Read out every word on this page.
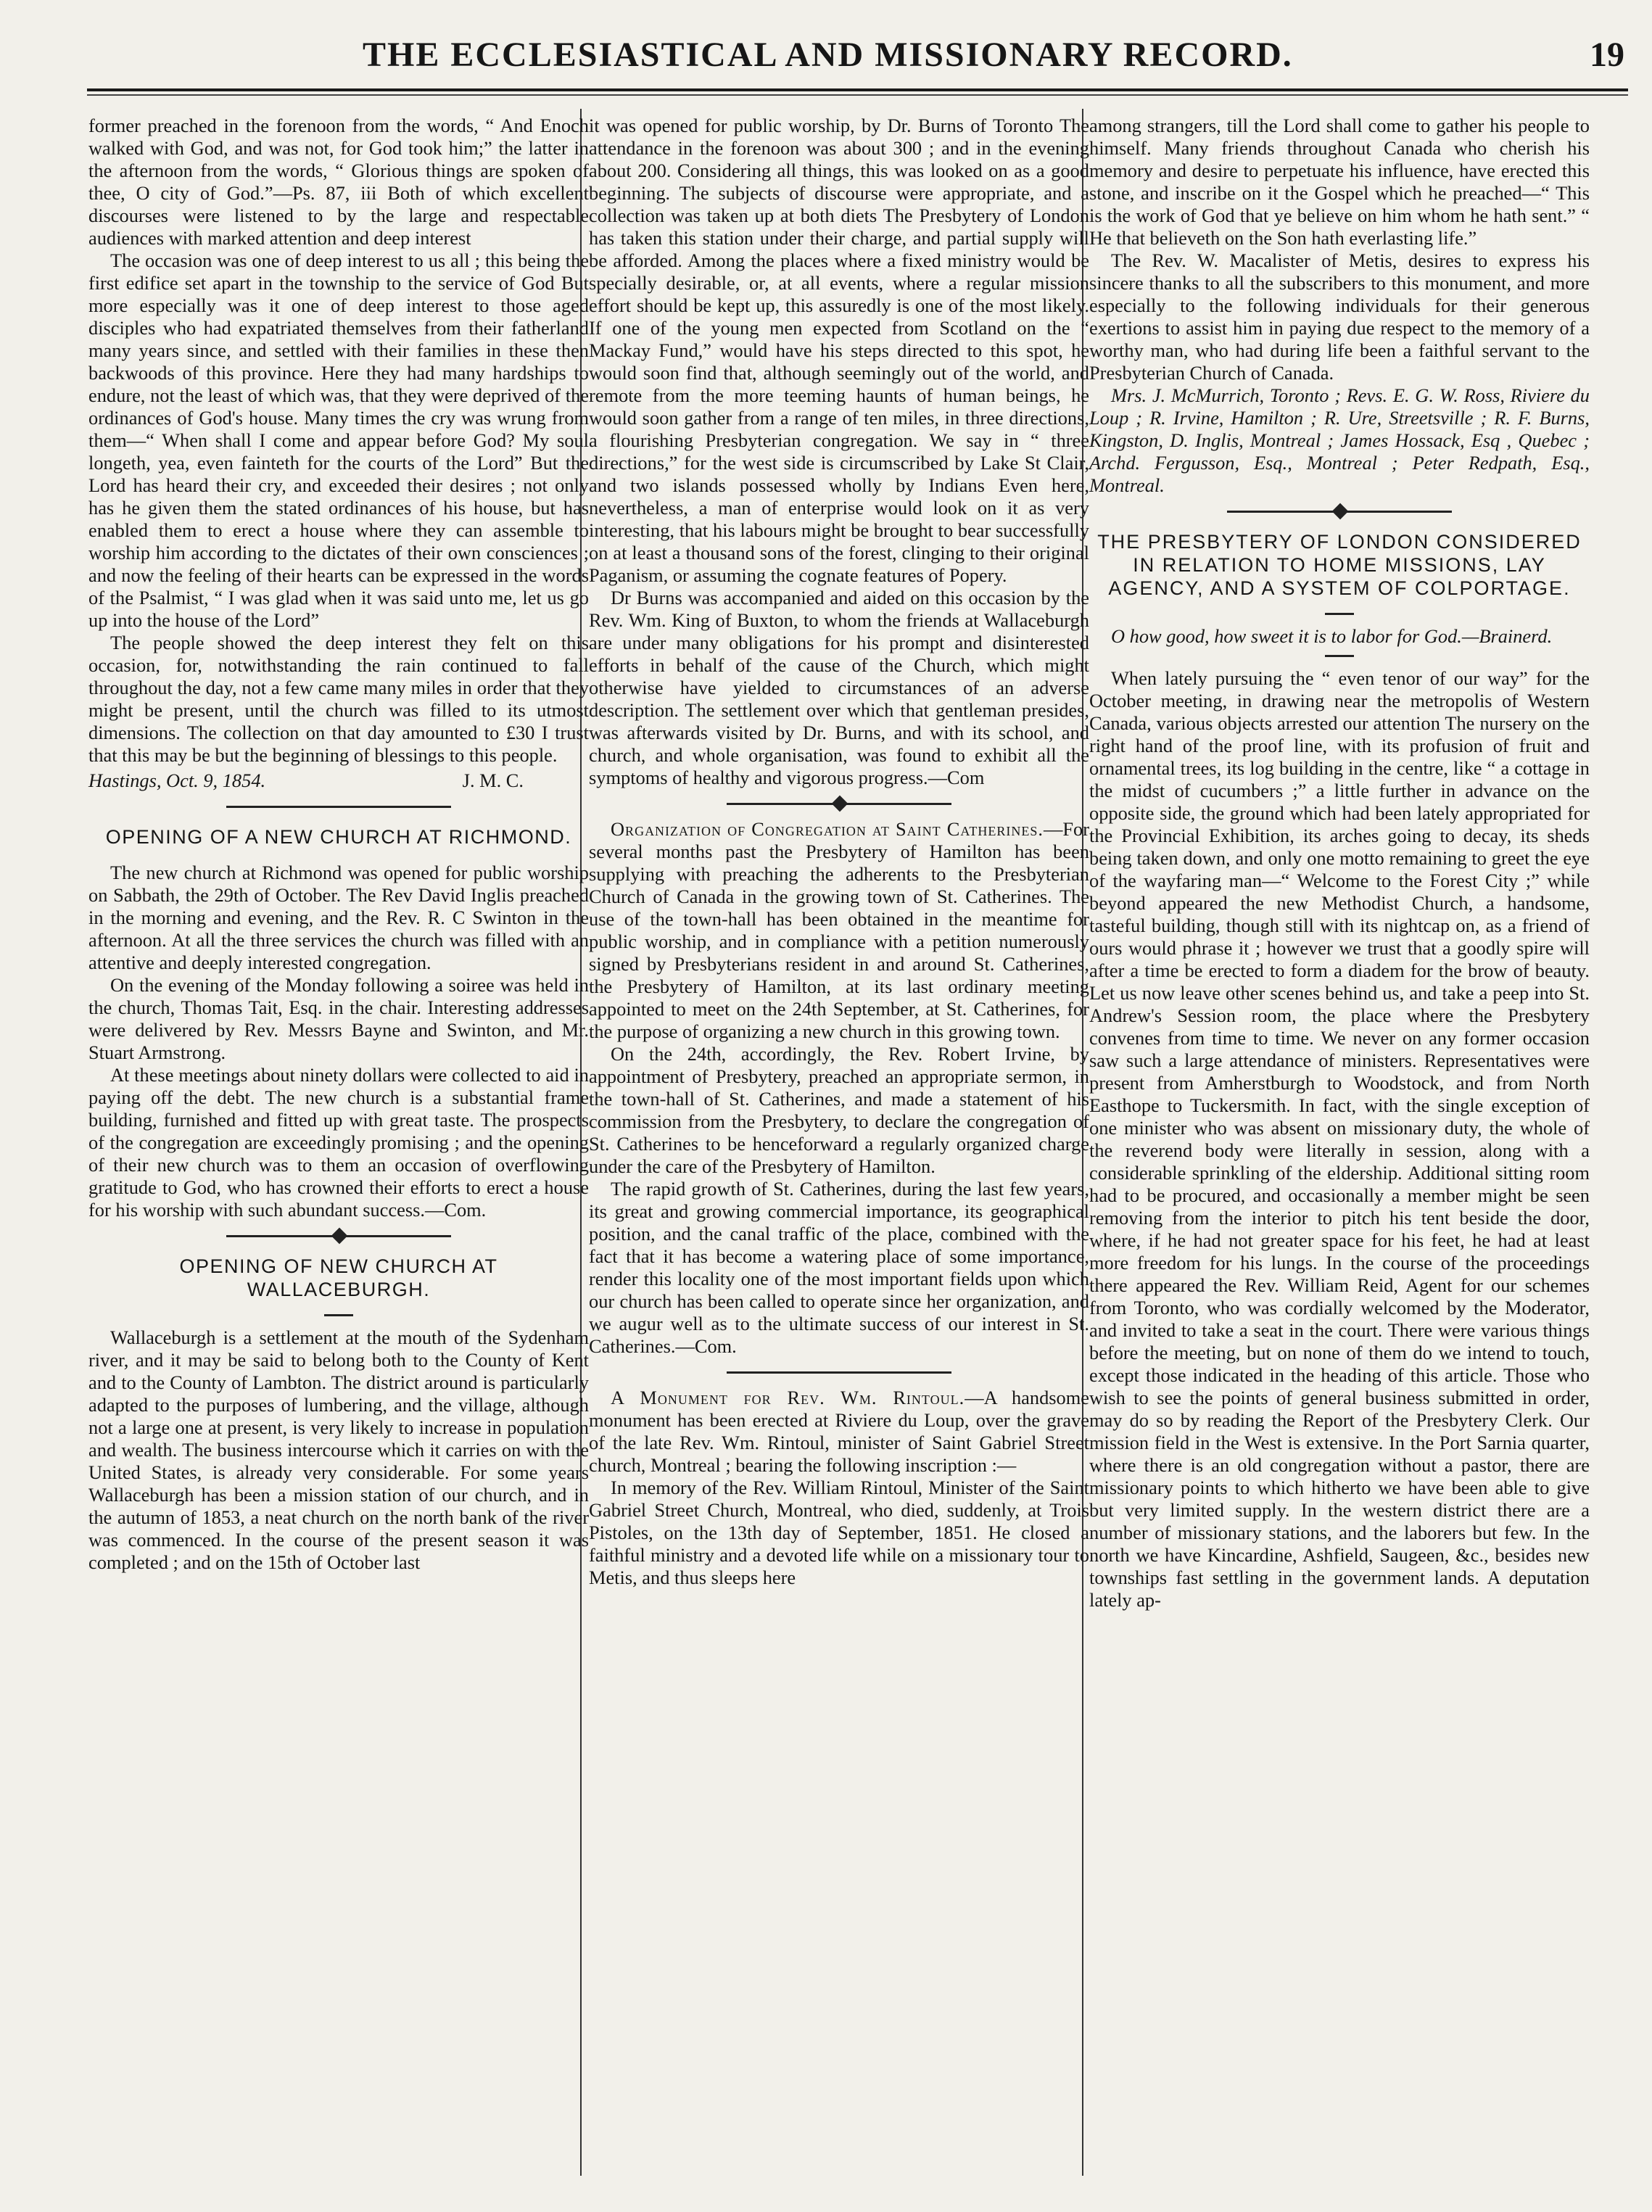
THE ECCLESIASTICAL AND MISSIONARY RECORD.	19

former preached in the forenoon from the words, “ And Enoch walked with God, and was not, for God took him;” the latter in the afternoon from the words, “ Glorious things are spoken of thee, O city of God.”—Ps. 87, iii Both of which excellent discourses were listened to by the large and respectable audiences with marked attention and deep interest

The occasion was one of deep interest to us all ; this being the first edifice set apart in the township to the service of God But more especially was it one of deep interest to those aged disciples who had expatriated themselves from their fatherland many years since, and settled with their families in these then backwoods of this province. Here they had many hardships to endure, not the least of which was, that they were deprived of the ordinances of God's house. Many times the cry was wrung from them—“ When shall I come and appear before God? My soul longeth, yea, even fainteth for the courts of the Lord” But the Lord has heard their cry, and exceeded their desires ; not only has he given them the stated ordinances of his house, but has enabled them to erect a house where they can assemble to worship him according to the dictates of their own consciences ; and now the feeling of their hearts can be expressed in the words of the Psalmist, “ I was glad when it was said unto me, let us go up into the house of the Lord”

The people showed the deep interest they felt on this occasion, for, notwithstanding the rain continued to fall throughout the day, not a few came many miles in order that they might be present, until the church was filled to its utmost dimensions. The collection on that day amounted to £30 I trust that this may be but the beginning of blessings to this people.

Hastings, Oct. 9, 1854.	J. M. C.
OPENING OF A NEW CHURCH AT RICHMOND.

The new church at Richmond was opened for public worship on Sabbath, the 29th of October. The Rev David Inglis preached in the morning and evening, and the Rev. R. C Swinton in the afternoon. At all the three services the church was filled with an attentive and deeply interested congregation.

On the evening of the Monday following a soiree was held in the church, Thomas Tait, Esq. in the chair. Interesting addresses were delivered by Rev. Messrs Bayne and Swinton, and Mr. Stuart Armstrong.

At these meetings about ninety dollars were collected to aid in paying off the debt. The new church is a substantial frame building, furnished and fitted up with great taste. The prospects of the congregation are exceedingly promising ; and the opening of their new church was to them an occasion of overflowing gratitude to God, who has crowned their efforts to erect a house for his worship with such abundant success.—Com.

OPENING OF NEW CHURCH AT WALLACEBURGH.

Wallaceburgh is a settlement at the mouth of the Sydenham river, and it may be said to belong both to the County of Kent and to the County of Lambton. The district around is particularly adapted to the purposes of lumbering, and the village, although not a large one at present, is very likely to increase in population and wealth. The business intercourse which it carries on with the United States, is already very considerable. For some years Wallaceburgh has been a mission station of our church, and in the autumn of 1853, a neat church on the north bank of the river was commenced. In the course of the present season it was completed ; and on the 15th of October last

it was opened for public worship, by Dr. Burns of Toronto The attendance in the forenoon was about 300 ; and in the evening about 200. Considering all things, this was looked on as a good beginning. The subjects of discourse were appropriate, and a collection was taken up at both diets The Presbytery of London has taken this station under their charge, and partial supply will be afforded. Among the places where a fixed ministry would be specially desirable, or, at all events, where a regular mission effort should be kept up, this assuredly is one of the most likely. If one of the young men expected from Scotland on the “ Mackay Fund,” would have his steps directed to this spot, he would soon find that, although seemingly out of the world, and remote from the more teeming haunts of human beings, he would soon gather from a range of ten miles, in three directions, a flourishing Presbyterian congregation. We say in “ three directions,” for the west side is circumscribed by Lake St Clair, and two islands possessed wholly by Indians Even here, nevertheless, a man of enterprise would look on it as very interesting, that his labours might be brought to bear successfully on at least a thousand sons of the forest, clinging to their original Paganism, or assuming the cognate features of Popery.

Dr Burns was accompanied and aided on this occasion by the Rev. Wm. King of Buxton, to whom the friends at Wallaceburgh are under many obligations for his prompt and disinterested efforts in behalf of the cause of the Church, which might otherwise have yielded to circumstances of an adverse description. The settlement over which that gentleman presides, was afterwards visited by Dr. Burns, and with its school, and church, and whole organisation, was found to exhibit all the symptoms of healthy and vigorous progress.—Com

Organization of Congregation at Saint Catherines.—For several months past the Presbytery of Hamilton has been supplying with preaching the adherents to the Presbyterian Church of Canada in the growing town of St. Catherines. The use of the town-hall has been obtained in the meantime for public worship, and in compliance with a petition numerously signed by Presbyterians resident in and around St. Catherines, the Presbytery of Hamilton, at its last ordinary meeting appointed to meet on the 24th September, at St. Catherines, for the purpose of organizing a new church in this growing town.

On the 24th, accordingly, the Rev. Robert Irvine, by appointment of Presbytery, preached an appropriate sermon, in the town-hall of St. Catherines, and made a statement of his commission from the Presbytery, to declare the congregation of St. Catherines to be henceforward a regularly organized charge under the care of the Presbytery of Hamilton.

The rapid growth of St. Catherines, during the last few years, its great and growing commercial importance, its geographical position, and the canal traffic of the place, combined with the fact that it has become a watering place of some importance, render this locality one of the most important fields upon which our church has been called to operate since her organization, and we augur well as to the ultimate success of our interest in St. Catherines.—Com.

A Monument for Rev. Wm. Rintoul.—A handsome monument has been erected at Riviere du Loup, over the grave of the late Rev. Wm. Rintoul, minister of Saint Gabriel Street church, Montreal ; bearing the following inscription :—

In memory of the Rev. William Rintoul, Minister of the Saint Gabriel Street Church, Montreal, who died, suddenly, at Trois Pistoles, on the 13th day of September, 1851. He closed a faithful ministry and a devoted life while on a missionary tour to Metis, and thus sleeps here

among strangers, till the Lord shall come to gather his people to himself. Many friends throughout Canada who cherish his memory and desire to perpetuate his influence, have erected this stone, and inscribe on it the Gospel which he preached—“ This is the work of God that ye believe on him whom he hath sent.” “ He that believeth on the Son hath everlasting life.”

The Rev. W. Macalister of Metis, desires to express his sincere thanks to all the subscribers to this monument, and more especially to the following individuals for their generous exertions to assist him in paying due respect to the memory of a worthy man, who had during life been a faithful servant to the Presbyterian Church of Canada.

Mrs. J. McMurrich, Toronto ; Revs. E. G. W. Ross, Riviere du Loup ; R. Irvine, Hamilton ; R. Ure, Streetsville ; R. F. Burns, Kingston, D. Inglis, Montreal ; James Hossack, Esq , Quebec ; Archd. Fergusson, Esq., Montreal ; Peter Redpath, Esq., Montreal.

THE PRESBYTERY OF LONDON CONSIDERED IN RELATION TO HOME MISSIONS, LAY AGENCY, AND A SYSTEM OF COLPORTAGE.

O how good, how sweet it is to labor for God.—Brainerd.

When lately pursuing the “ even tenor of our way” for the October meeting, in drawing near the metropolis of Western Canada, various objects arrested our attention The nursery on the right hand of the proof line, with its profusion of fruit and ornamental trees, its log building in the centre, like “ a cottage in the midst of cucumbers ;” a little further in advance on the opposite side, the ground which had been lately appropriated for the Provincial Exhibition, its arches going to decay, its sheds being taken down, and only one motto remaining to greet the eye of the wayfaring man—“ Welcome to the Forest City ;” while beyond appeared the new Methodist Church, a handsome, tasteful building, though still with its nightcap on, as a friend of ours would phrase it ; however we trust that a goodly spire will after a time be erected to form a diadem for the brow of beauty. Let us now leave other scenes behind us, and take a peep into St. Andrew's Session room, the place where the Presbytery convenes from time to time. We never on any former occasion saw such a large attendance of ministers. Representatives were present from Amherstburgh to Woodstock, and from North Easthope to Tuckersmith. In fact, with the single exception of one minister who was absent on missionary duty, the whole of the reverend body were literally in session, along with a considerable sprinkling of the eldership. Additional sitting room had to be procured, and occasionally a member might be seen removing from the interior to pitch his tent beside the door, where, if he had not greater space for his feet, he had at least more freedom for his lungs. In the course of the proceedings there appeared the Rev. William Reid, Agent for our schemes from Toronto, who was cordially welcomed by the Moderator, and invited to take a seat in the court. There were various things before the meeting, but on none of them do we intend to touch, except those indicated in the heading of this article. Those who wish to see the points of general business submitted in order, may do so by reading the Report of the Presbytery Clerk. Our mission field in the West is extensive. In the Port Sarnia quarter, where there is an old congregation without a pastor, there are missionary points to which hitherto we have been able to give but very limited supply. In the western district there are a number of missionary stations, and the laborers but few. In the north we have Kincardine, Ashfield, Saugeen, &c., besides new townships fast settling in the government lands. A deputation lately ap-
